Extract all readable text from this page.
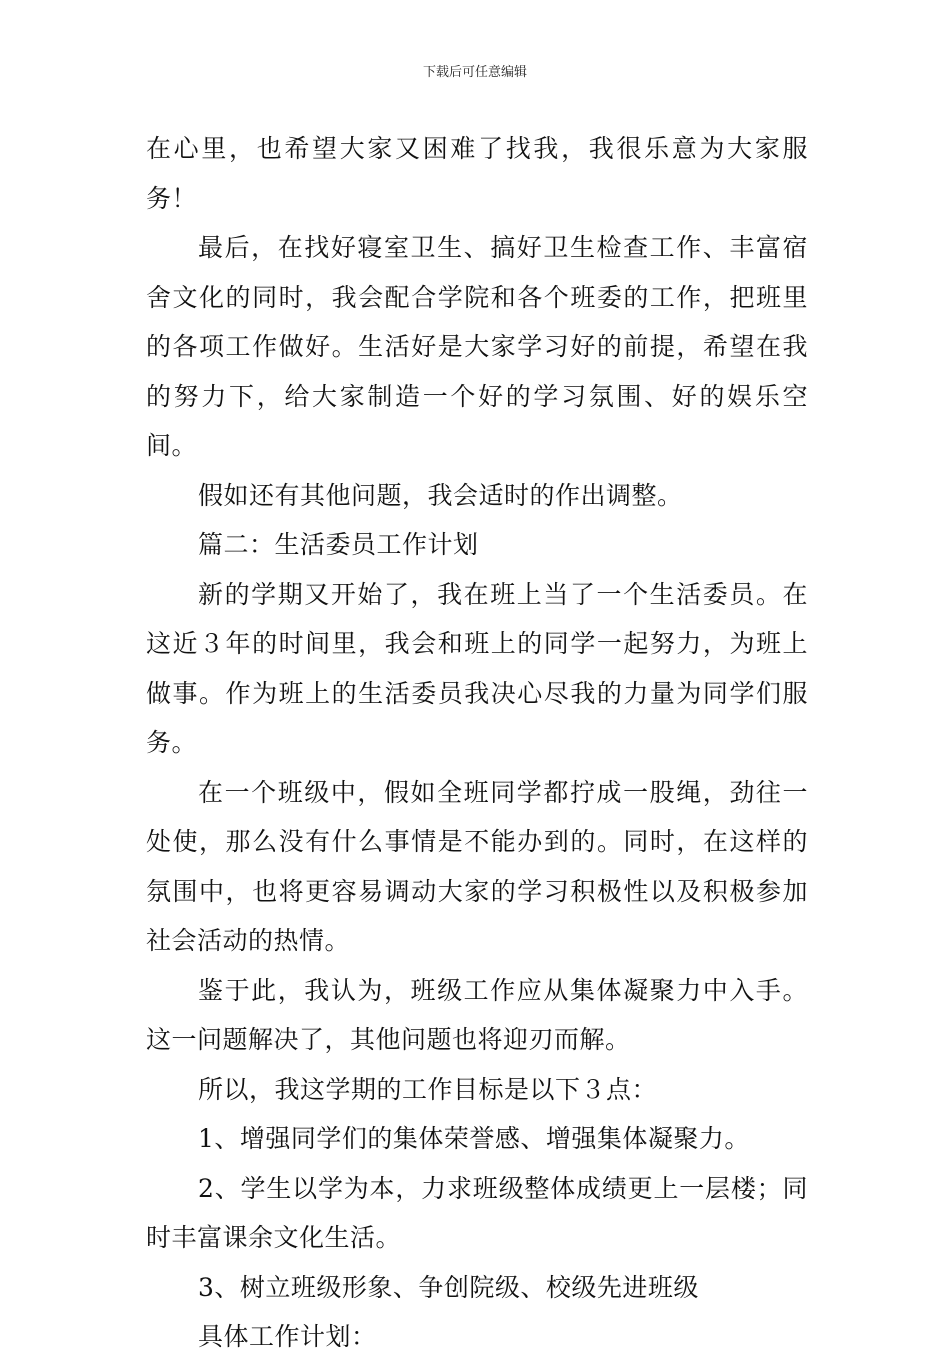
下载后可任意编辑

在心里，也希望大家又困难了找我，我很乐意为大家服务！

最后，在找好寝室卫生、搞好卫生检查工作、丰富宿舍文化的同时，我会配合学院和各个班委的工作，把班里的各项工作做好。生活好是大家学习好的前提，希望在我的努力下，给大家制造一个好的学习氛围、好的娱乐空间。

假如还有其他问题，我会适时的作出调整。

篇二：生活委员工作计划

新的学期又开始了，我在班上当了一个生活委员。在这近３年的时间里，我会和班上的同学一起努力，为班上做事。作为班上的生活委员我决心尽我的力量为同学们服务。

在一个班级中，假如全班同学都拧成一股绳，劲往一处使，那么没有什么事情是不能办到的。同时，在这样的氛围中，也将更容易调动大家的学习积极性以及积极参加社会活动的热情。

鉴于此，我认为，班级工作应从集体凝聚力中入手。这一问题解决了，其他问题也将迎刃而解。

所以，我这学期的工作目标是以下３点：

1、增强同学们的集体荣誉感、增强集体凝聚力。

2、学生以学为本，力求班级整体成绩更上一层楼；同时丰富课余文化生活。

3、树立班级形象、争创院级、校级先进班级

具体工作计划：
